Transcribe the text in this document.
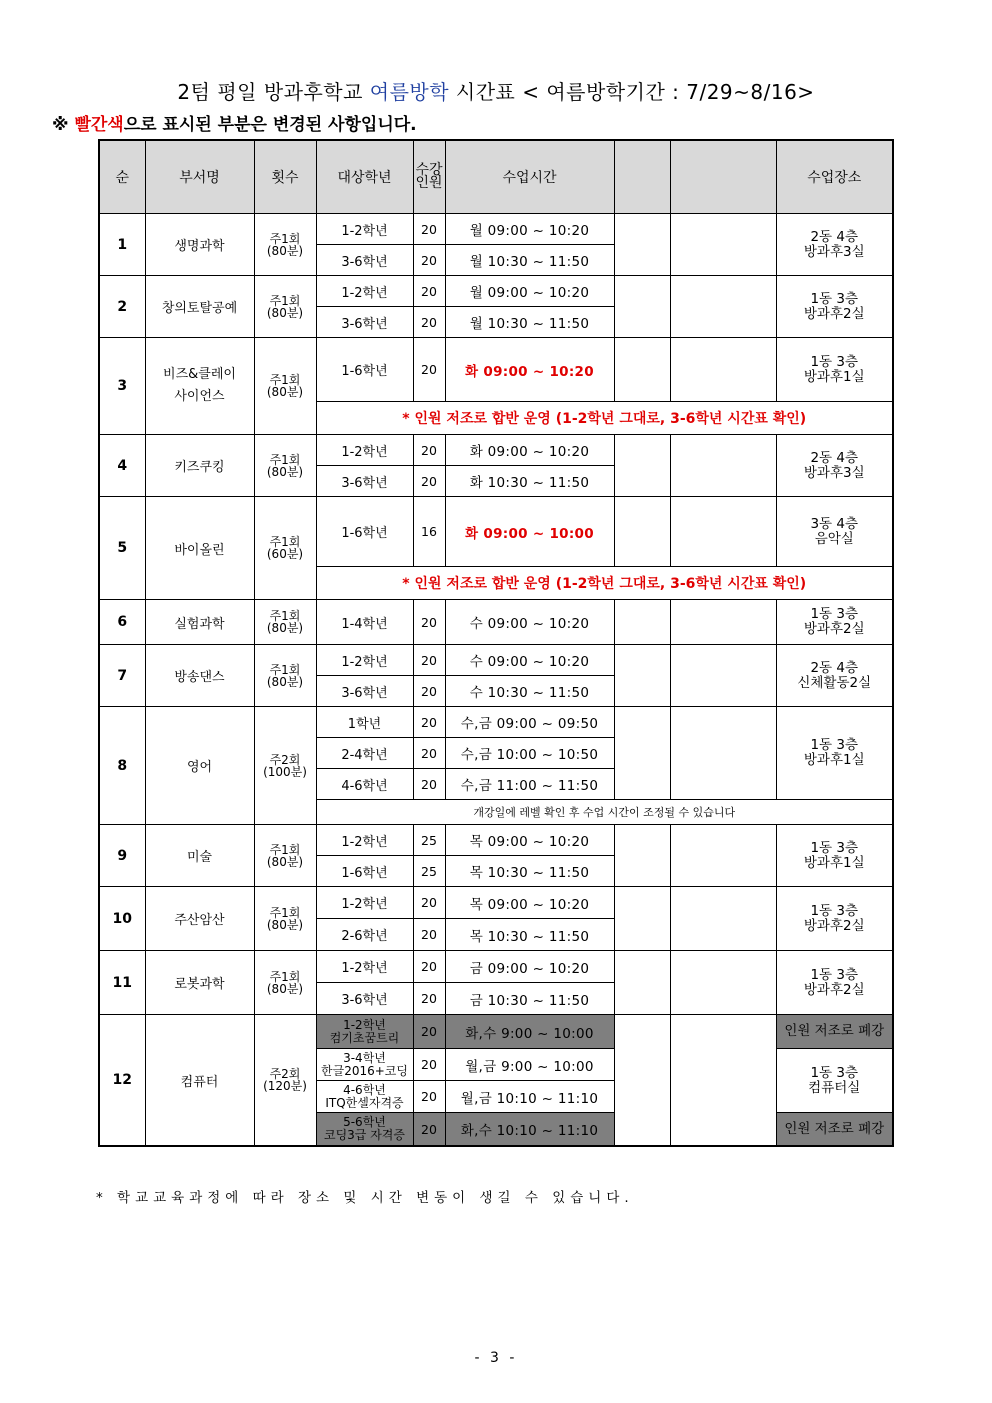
2텀 평일 방과후학교 여름방학 시간표 < 여름방학기간 : 7/29~8/16>
※ 빨간색으로 표시된 부분은 변경된 사항입니다.
순	부서명	횟수	대상학년	수강
인원	수업시간			수업장소
1	생명과학	주1회
(80분)	1-2학년	20	월 09:00 ~ 10:20			2동 4층
방과후3실
			3-6학년	20	월 10:30 ~ 11:50			
2	창의토탈공예	주1회
(80분)	1-2학년	20	월 09:00 ~ 10:20			1동 3층
방과후2실
			3-6학년	20	월 10:30 ~ 11:50			
3	비즈&클레이
사이언스	주1회
(80분)	1-6학년	20	화 09:00 ~ 10:20			1동 3층
방과후1실
			* 인원 저조로 합반 운영 (1-2학년 그대로, 3-6학년 시간표 확인)					
4	키즈쿠킹	주1회
(80분)	1-2학년	20	화 09:00 ~ 10:20			2동 4층
방과후3실
			3-6학년	20	화 10:30 ~ 11:50			
5	바이올린	주1회
(60분)	1-6학년	16	화 09:00 ~ 10:00			3동 4층
음악실
			* 인원 저조로 합반 운영 (1-2학년 그대로, 3-6학년 시간표 확인)					
6	실험과학	주1회
(80분)	1-4학년	20	수 09:00 ~ 10:20			1동 3층
방과후2실
7	방송댄스	주1회
(80분)	1-2학년	20	수 09:00 ~ 10:20			2동 4층
신체활동2실
			3-6학년	20	수 10:30 ~ 11:50			
8	영어	주2회
(100분)	1학년	20	수,금 09:00 ~ 09:50			1동 3층
방과후1실
			2-4학년	20	수,금 10:00 ~ 10:50			
			4-6학년	20	수,금 11:00 ~ 11:50			
			개강일에 레벨 확인 후 수업 시간이 조정될 수 있습니다					
9	미술	주1회
(80분)	1-2학년	25	목 09:00 ~ 10:20			1동 3층
방과후1실
			1-6학년	25	목 10:30 ~ 11:50			
10	주산암산	주1회
(80분)	1-2학년	20	목 09:00 ~ 10:20			1동 3층
방과후2실
			2-6학년	20	목 10:30 ~ 11:50			
11	로봇과학	주1회
(80분)	1-2학년	20	금 09:00 ~ 10:20			1동 3층
방과후2실
			3-6학년	20	금 10:30 ~ 11:50			
12	컴퓨터	주2회
(120분)	1-2학년
컴기초꿈트리	20	화,수 9:00 ~ 10:00			인원 저조로 폐강
			3-4학년
한글2016+코딩	20	월,금 9:00 ~ 10:00			1동 3층
컴퓨터실
			4-6학년
ITQ한셀자격증	20	월,금 10:10 ~ 11:10			
			5-6학년
코딩3급 자격증	20	화,수 10:10 ~ 11:10			인원 저조로 폐강
* 학교교육과정에 따라 장소 및 시간 변동이 생길 수 있습니다.
- 3 -
